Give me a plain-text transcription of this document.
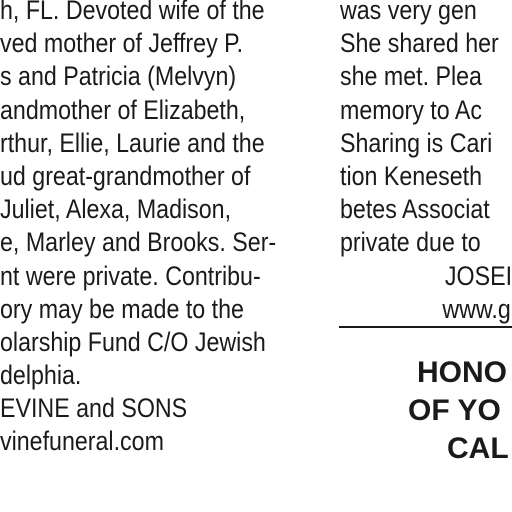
h, FL. Devoted wife of the
ved mother of Jeffrey P.
s and Patricia (Melvyn)
andmother of Elizabeth,
rthur, Ellie, Laurie and the
ud great-grandmother of
Juliet, Alexa, Madison,
e, Marley and Brooks. Ser-
nt were private. Contribu-
ory may be made to the
olarship Fund C/O Jewish
delphia.
EVINE and SONS
vinefuneral.com
was very gen
She shared her
she met. Plea
memory to Ac
Sharing is Cari
tion Keneseth
betes Associat
private due to
JOSEI
www.g
HONO
OF YO
CAL
